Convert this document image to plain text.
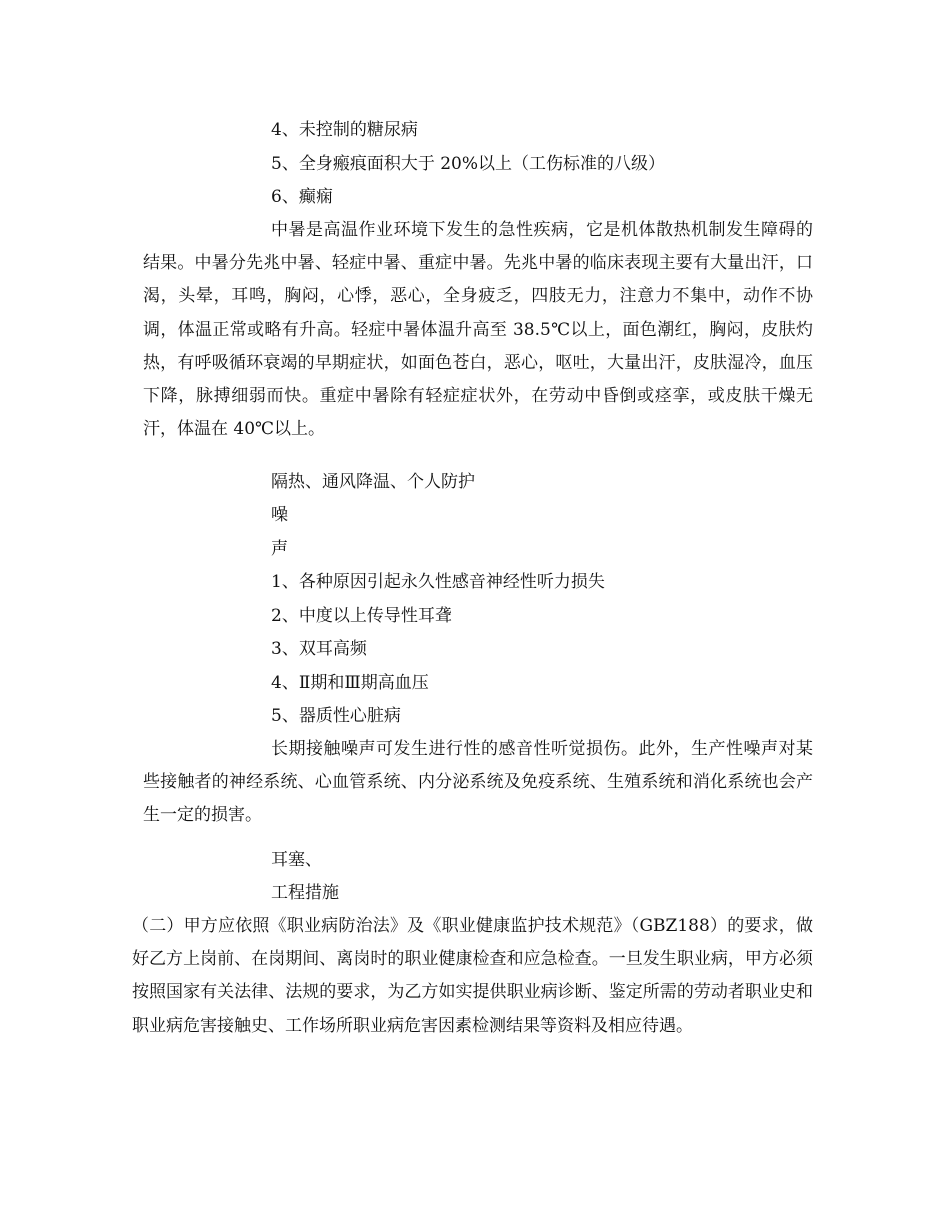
4、未控制的糖尿病
5、全身瘢痕面积大于 20%以上（工伤标准的八级）
6、癫痫
中暑是高温作业环境下发生的急性疾病，它是机体散热机制发生障碍的结果。中暑分先兆中暑、轻症中暑、重症中暑。先兆中暑的临床表现主要有大量出汗，口渴，头晕，耳鸣，胸闷，心悸，恶心，全身疲乏，四肢无力，注意力不集中，动作不协调，体温正常或略有升高。轻症中暑体温升高至 38.5℃以上，面色潮红，胸闷，皮肤灼热，有呼吸循环衰竭的早期症状，如面色苍白，恶心，呕吐，大量出汗，皮肤湿冷，血压下降，脉搏细弱而快。重症中暑除有轻症症状外，在劳动中昏倒或痉挛，或皮肤干燥无汗，体温在 40℃以上。
隔热、通风降温、个人防护
噪
声
1、各种原因引起永久性感音神经性听力损失
2、中度以上传导性耳聋
3、双耳高频
4、Ⅱ期和Ⅲ期高血压
5、器质性心脏病
长期接触噪声可发生进行性的感音性听觉损伤。此外，生产性噪声对某些接触者的神经系统、心血管系统、内分泌系统及免疫系统、生殖系统和消化系统也会产生一定的损害。
耳塞、
工程措施
（二）甲方应依照《职业病防治法》及《职业健康监护技术规范》（GBZ188）的要求，做好乙方上岗前、在岗期间、离岗时的职业健康检查和应急检查。一旦发生职业病，甲方必须按照国家有关法律、法规的要求，为乙方如实提供职业病诊断、鉴定所需的劳动者职业史和职业病危害接触史、工作场所职业病危害因素检测结果等资料及相应待遇。
